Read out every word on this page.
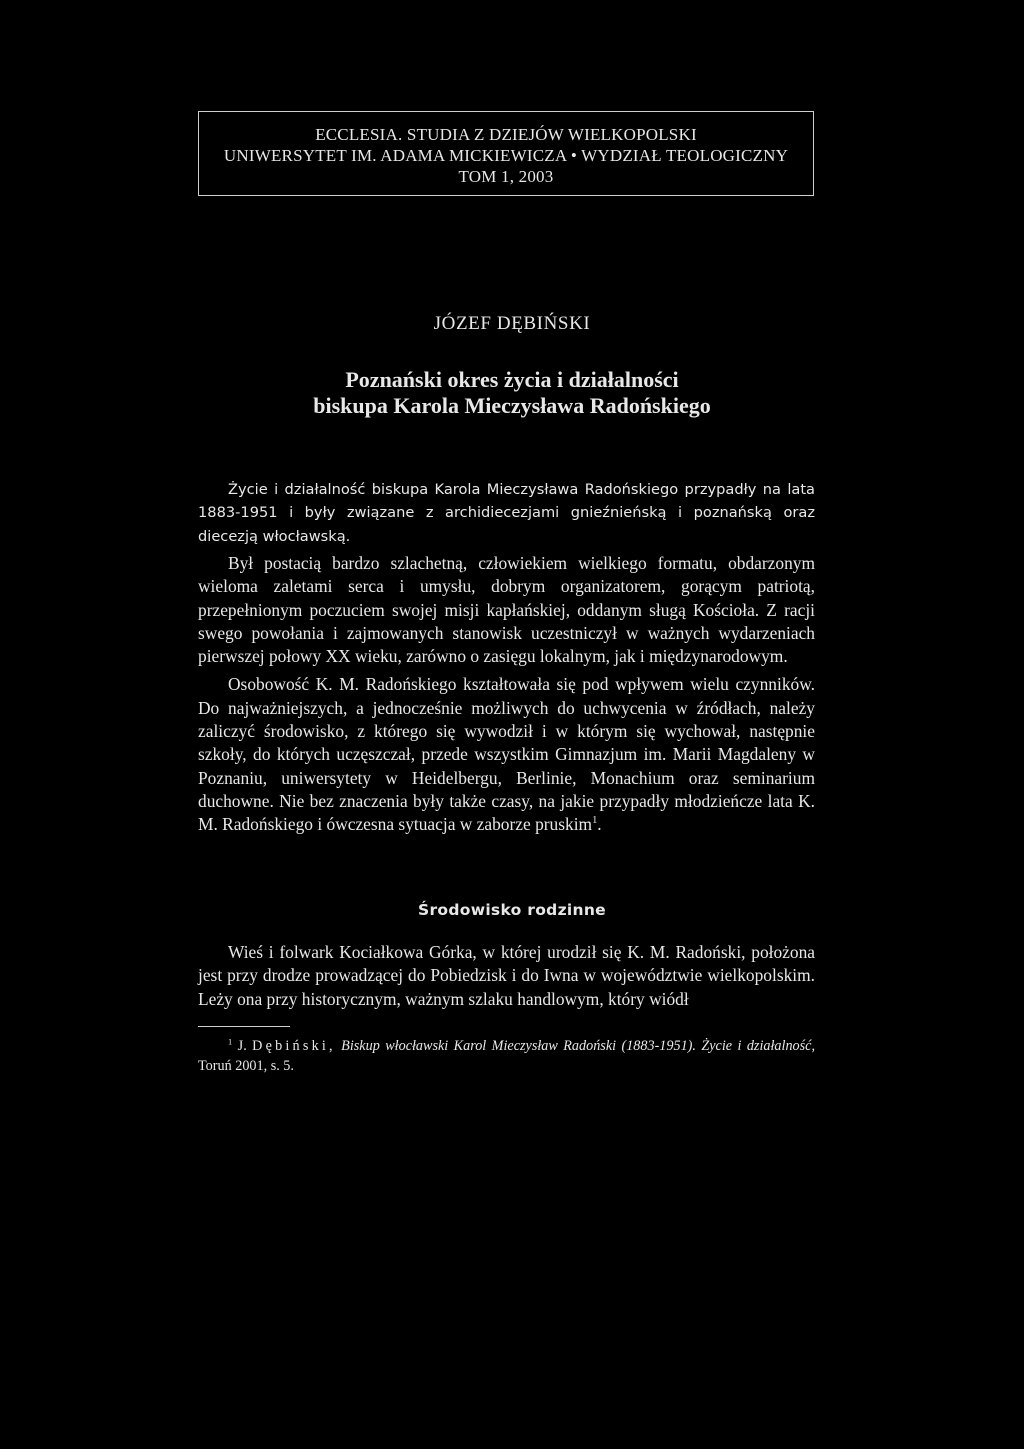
ECCLESIA. STUDIA Z DZIEJÓW WIELKOPOLSKI
UNIWERSYTET IM. ADAMA MICKIEWICZA • WYDZIAŁ TEOLOGICZNY
TOM 1, 2003
JÓZEF DĘBIŃSKI
Poznański okres życia i działalności
biskupa Karola Mieczysława Radońskiego

Życie i działalność biskupa Karola Mieczysława Radońskiego przypadły na lata 1883-1951 i były związane z archidiecezjami gnieźnieńską i poznańską oraz diecezją włocławską.

Był postacią bardzo szlachetną, człowiekiem wielkiego formatu, obdarzonym wieloma zaletami serca i umysłu, dobrym organizatorem, gorącym patriotą, przepełnionym poczuciem swojej misji kapłańskiej, oddanym sługą Kościoła. Z racji swego powołania i zajmowanych stanowisk uczestniczył w ważnych wydarzeniach pierwszej połowy XX wieku, zarówno o zasięgu lokalnym, jak i międzynarodowym.

Osobowość K. M. Radońskiego kształtowała się pod wpływem wielu czynników. Do najważniejszych, a jednocześnie możliwych do uchwycenia w źródłach, należy zaliczyć środowisko, z którego się wywodził i w którym się wychował, następnie szkoły, do których uczęszczał, przede wszystkim Gimnazjum im. Marii Magdaleny w Poznaniu, uniwersytety w Heidelbergu, Berlinie, Monachium oraz seminarium duchowne. Nie bez znaczenia były także czasy, na jakie przypadły młodzieńcze lata K. M. Radońskiego i ówczesna sytuacja w zaborze pruskim$^1$.

Środowisko rodzinne

Wieś i folwark Kociałkowa Górka, w której urodził się K. M. Radoński, położona jest przy drodze prowadzącej do Pobiedzisk i do Iwna w województwie wielkopolskim. Leży ona przy historycznym, ważnym szlaku handlowym, który wiódł

$^1$ J. Dębiński, Biskup włocławski Karol Mieczysław Radoński (1883-1951). Życie i działalność, Toruń 2001, s. 5.
